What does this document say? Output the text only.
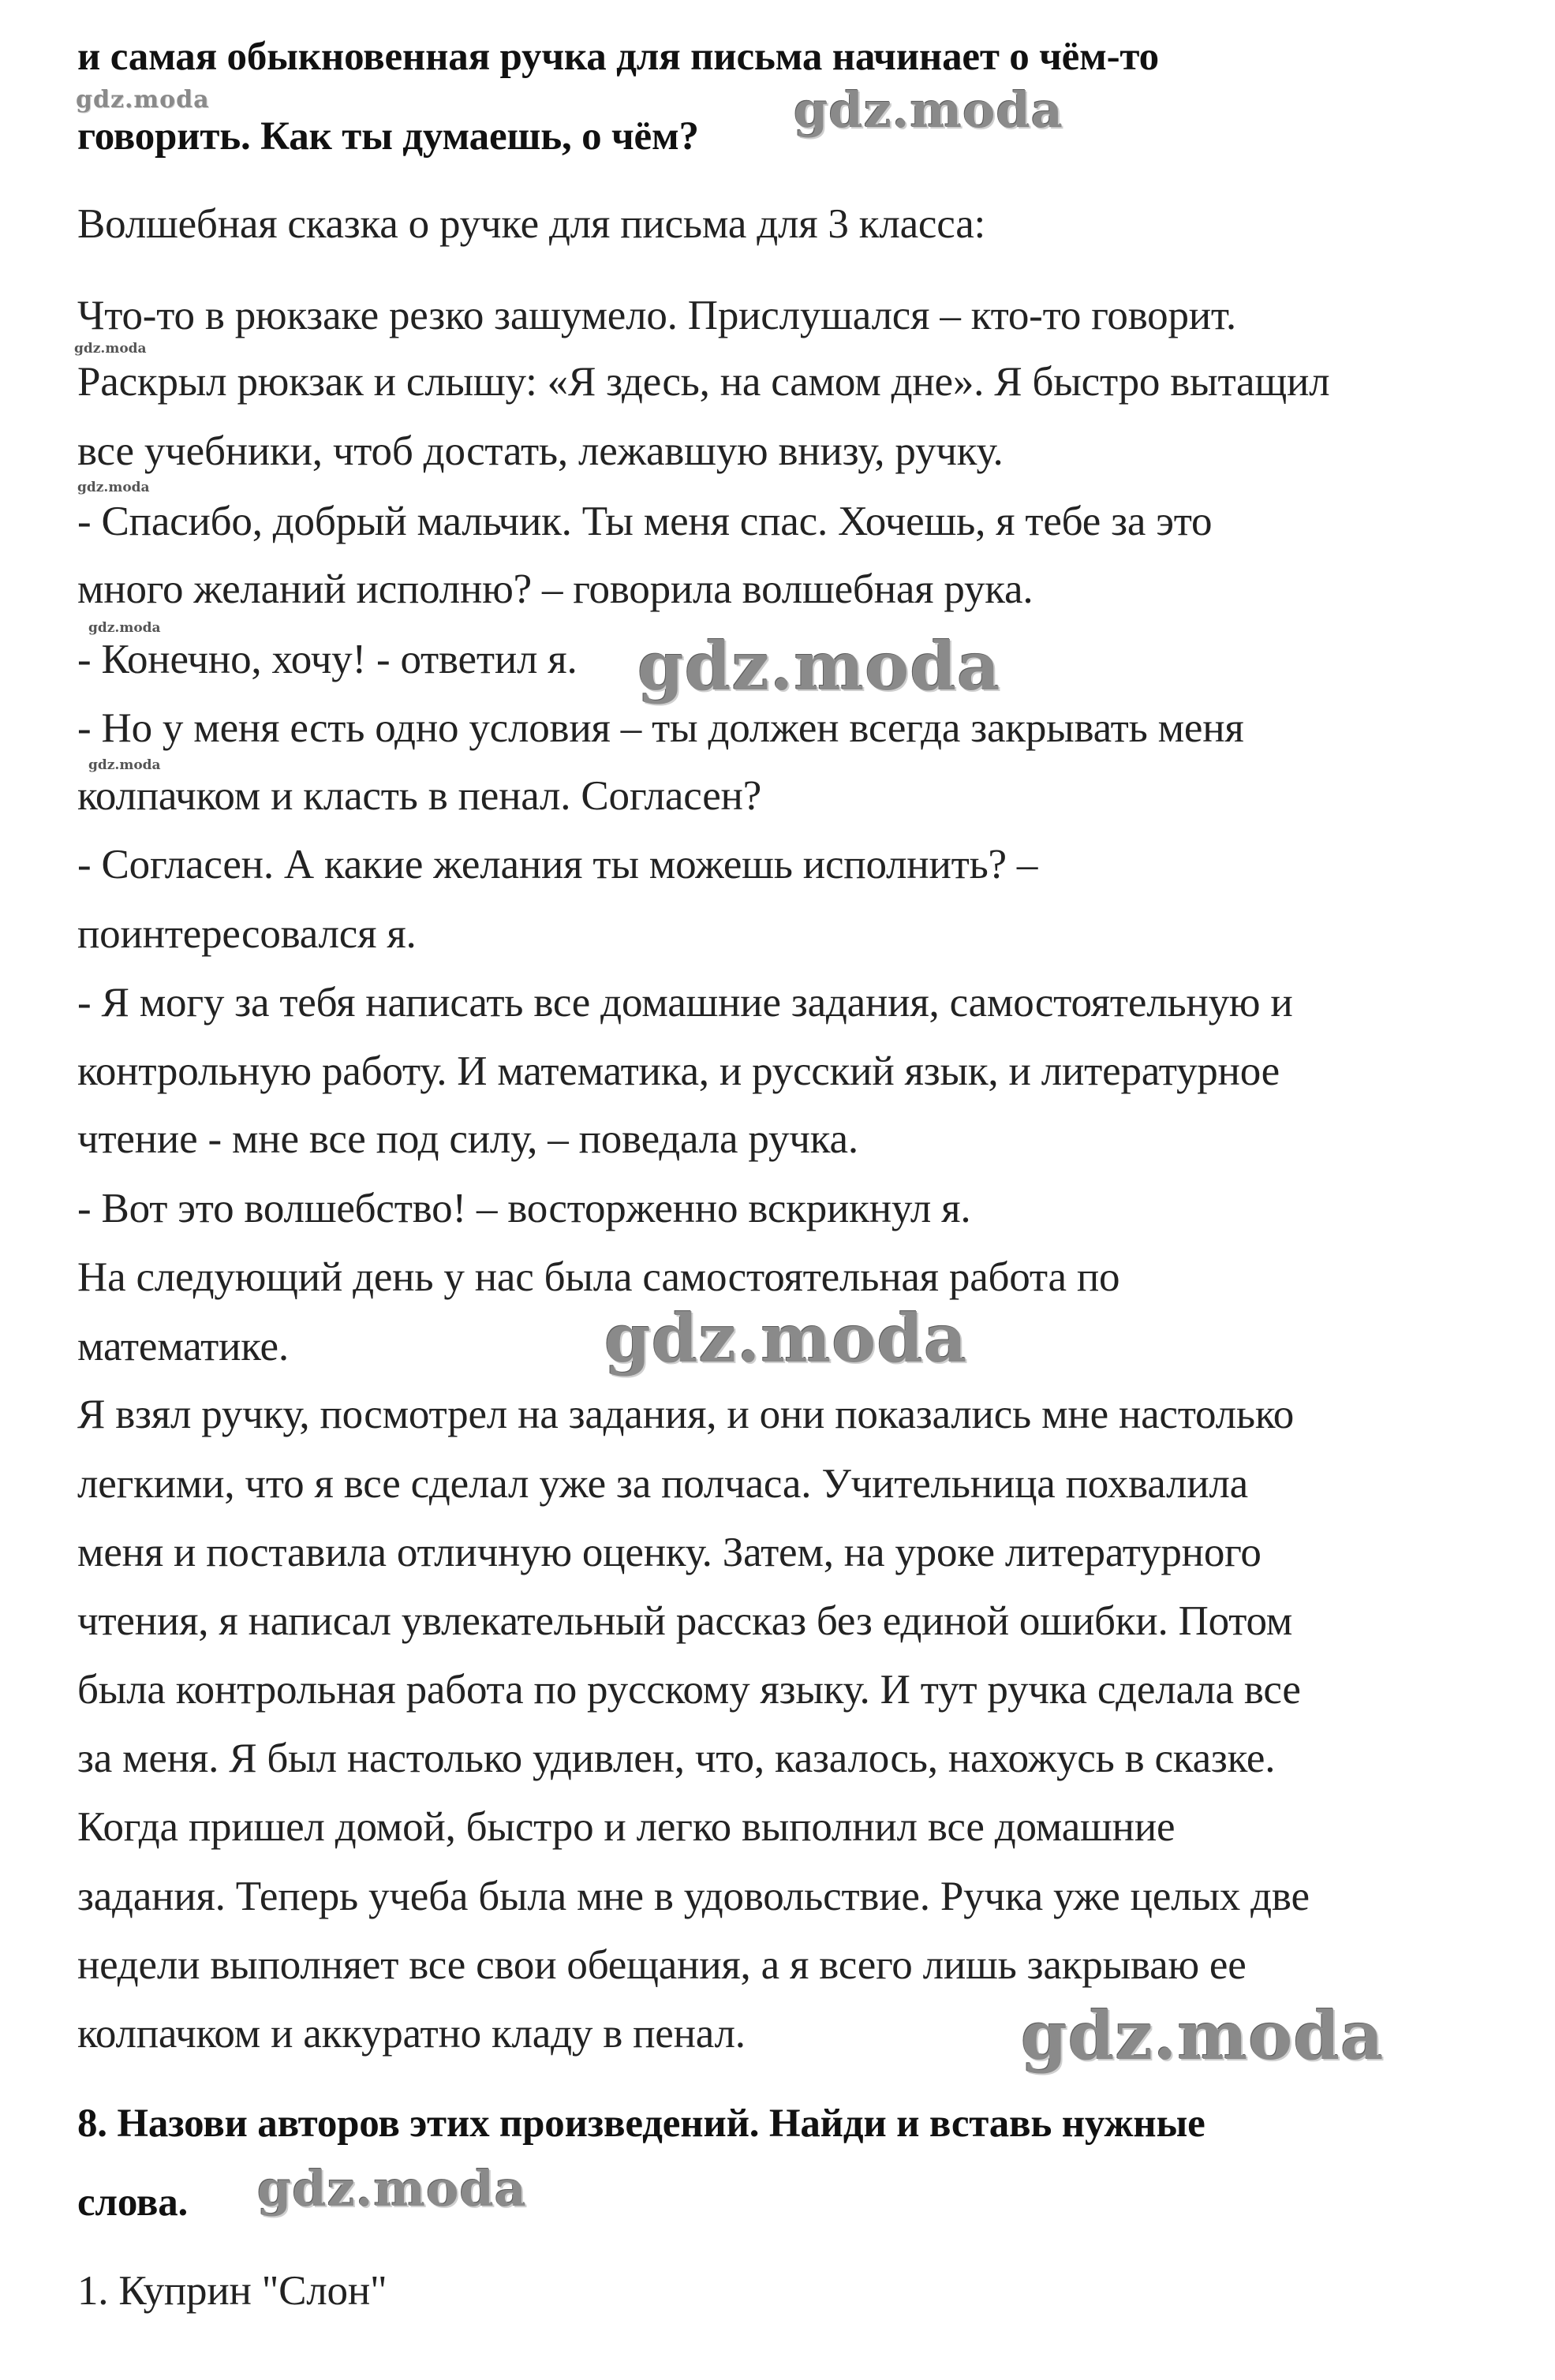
и самая обыкновенная ручка для письма начинает о чём-то
говорить. Как ты думаешь, о чём?
Волшебная сказка о ручке для письма для 3 класса:
Что-то в рюкзаке резко зашумело. Прислушался – кто-то говорит.
Раскрыл рюкзак и слышу: «Я здесь, на самом дне». Я быстро вытащил
все учебники, чтоб достать, лежавшую внизу, ручку.
- Спасибо, добрый мальчик. Ты меня спас. Хочешь, я тебе за это
много желаний исполню? – говорила волшебная рука.
- Конечно, хочу! - ответил я.
- Но у меня есть одно условия – ты должен всегда закрывать меня
колпачком и класть в пенал. Согласен?
- Согласен. А какие желания ты можешь исполнить? –
поинтересовался я.
- Я могу за тебя написать все домашние задания, самостоятельную и
контрольную работу. И математика, и русский язык, и литературное
чтение - мне все под силу, – поведала ручка.
- Вот это волшебство! – восторженно вскрикнул я.
На следующий день у нас была самостоятельная работа по
математике.
Я взял ручку, посмотрел на задания, и они показались мне настолько
легкими, что я все сделал уже за полчаса. Учительница похвалила
меня и поставила отличную оценку. Затем, на уроке литературного
чтения, я написал увлекательный рассказ без единой ошибки. Потом
была контрольная работа по русскому языку. И тут ручка сделала все
за меня. Я был настолько удивлен, что, казалось, нахожусь в сказке.
Когда пришел домой, быстро и легко выполнил все домашние
задания. Теперь учеба была мне в удовольствие. Ручка уже целых две
недели выполняет все свои обещания, а я всего лишь закрываю ее
колпачком и аккуратно кладу в пенал.
8. Назови авторов этих произведений. Найди и вставь нужные
слова.
1. Куприн "Слон"
gdz.moda	gdz.moda
gdz.moda
gdz.moda
gdz.moda	gdz.moda
gdz.moda
gdz.moda
gdz.moda
gdz.moda
